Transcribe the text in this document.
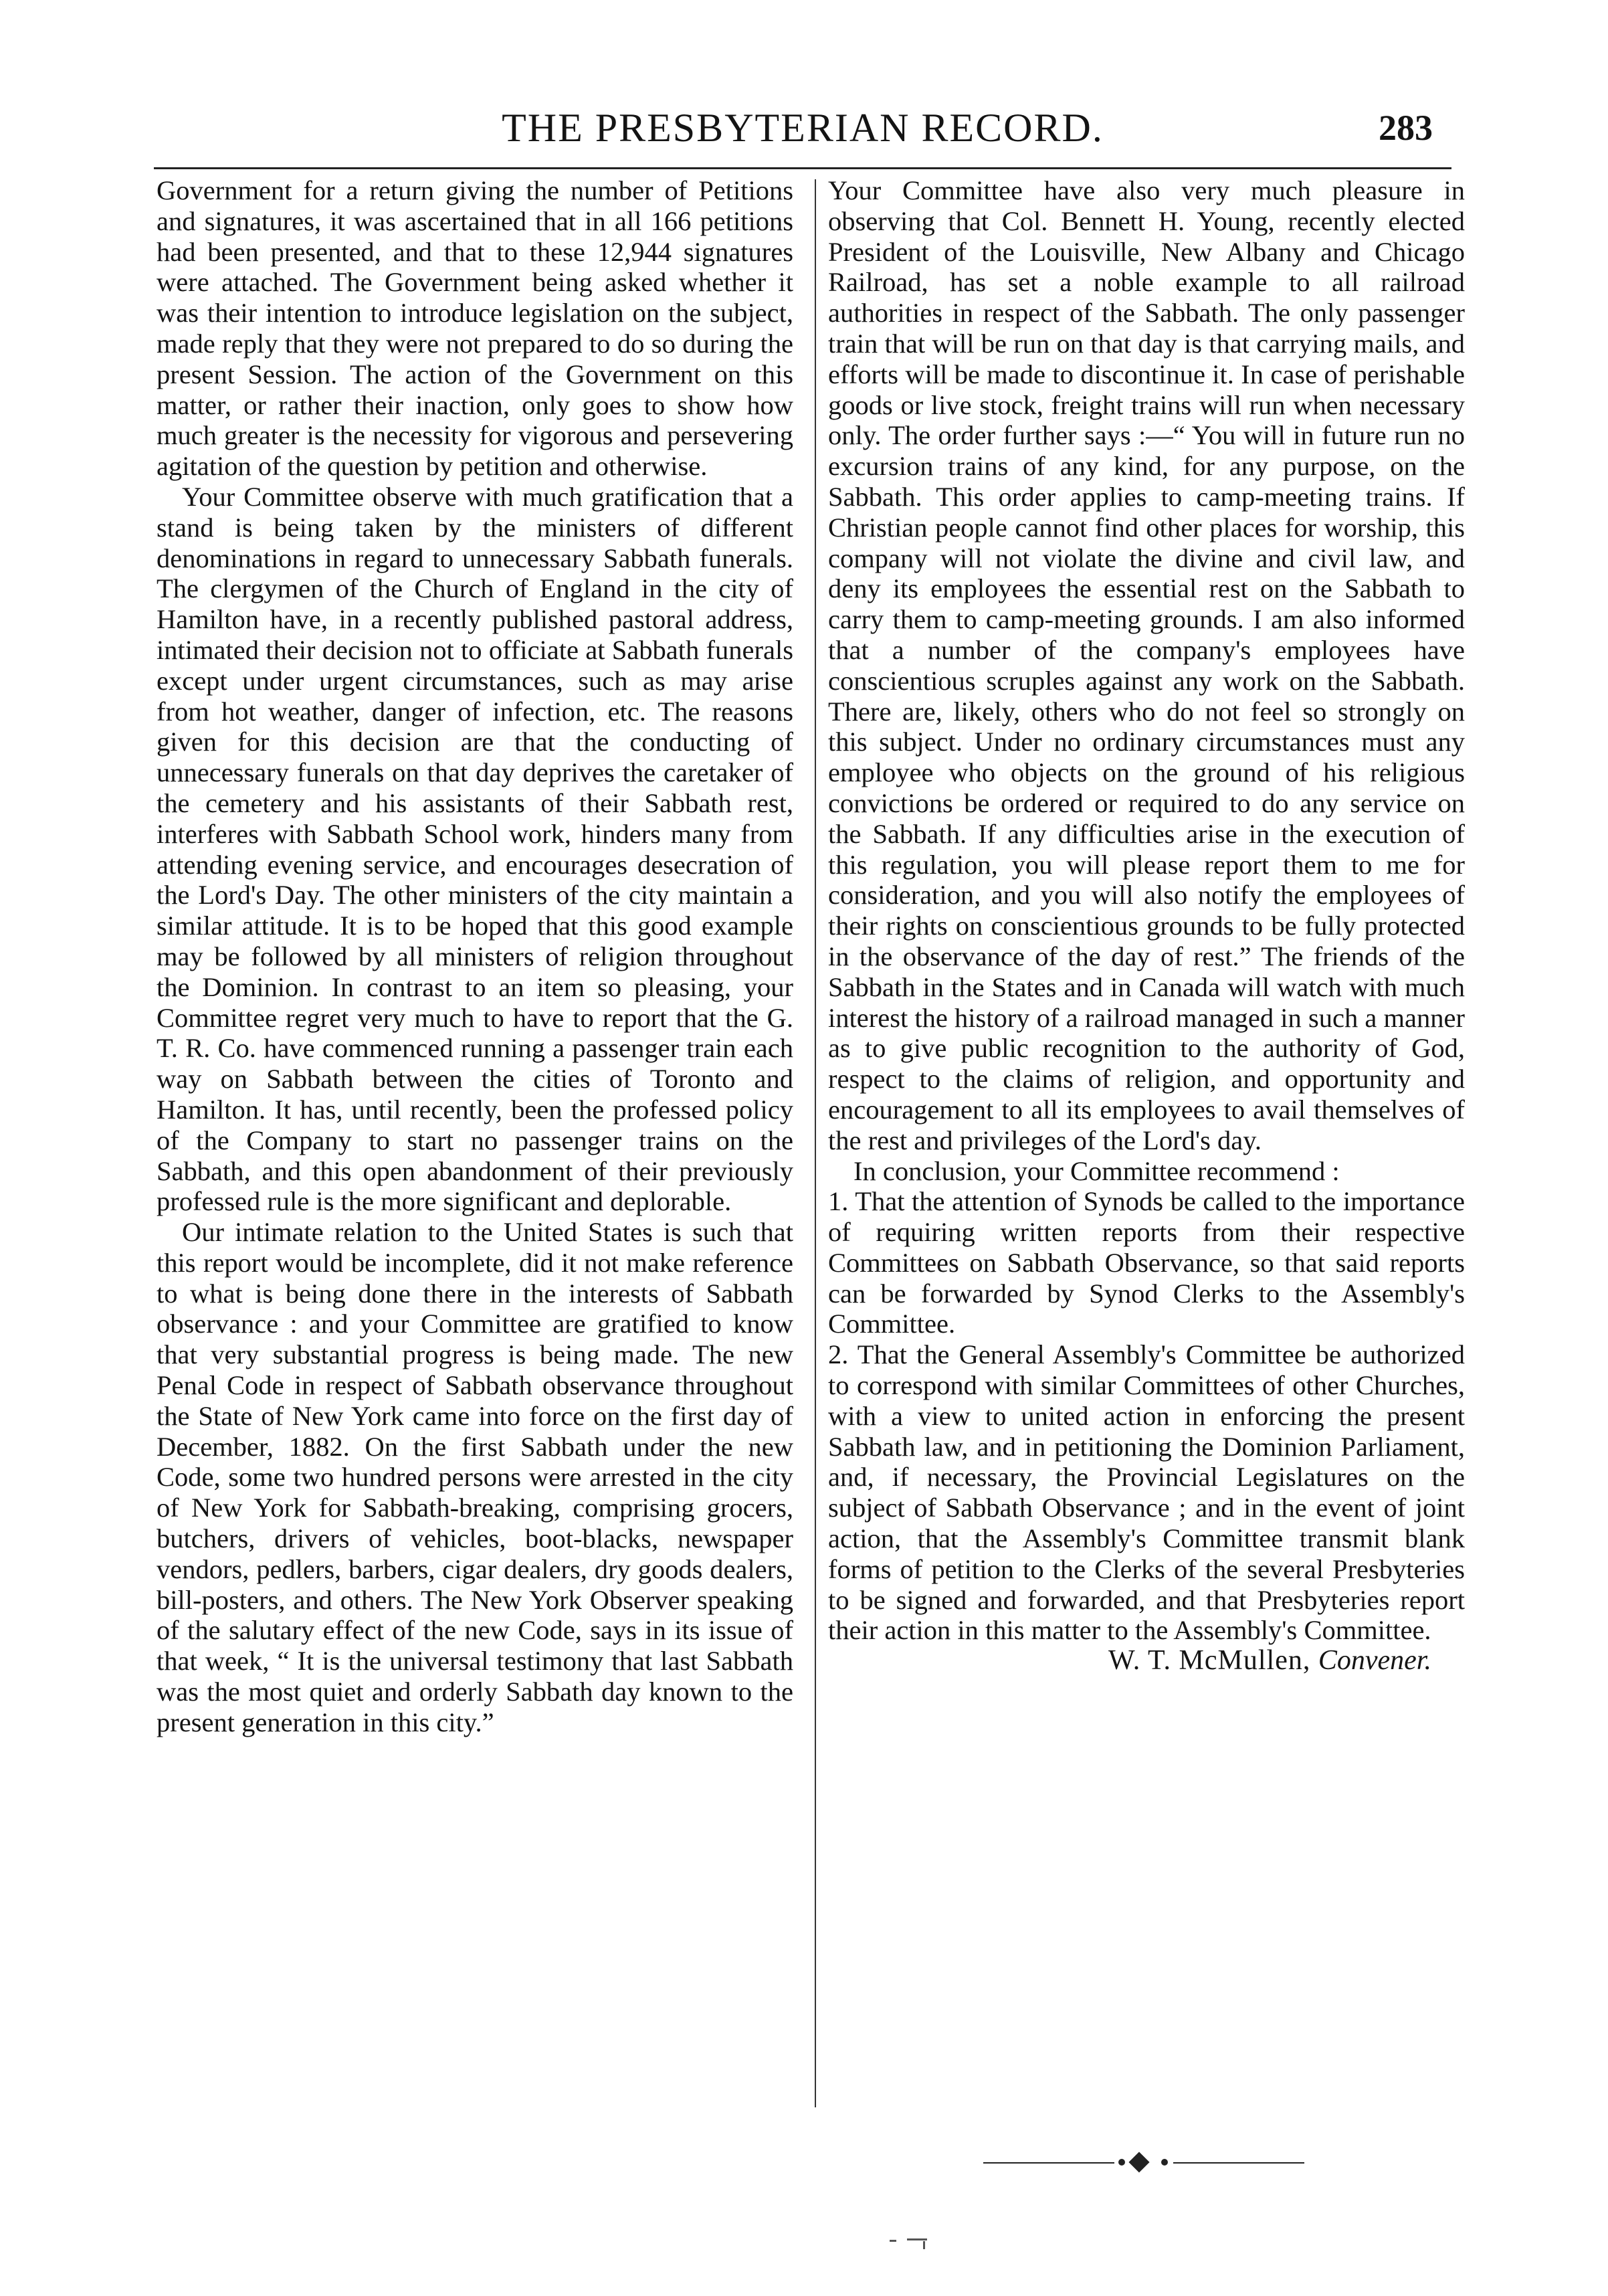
THE PRESBYTERIAN RECORD.	283

Government for a return giving the number of Petitions and signatures, it was ascertained that in all 166 petitions had been presented, and that to these 12,944 signatures were attached. The Government being asked whether it was their intention to introduce legislation on the subject, made reply that they were not prepared to do so during the present Session. The action of the Government on this matter, or rather their inaction, only goes to show how much greater is the necessity for vigorous and persevering agitation of the question by petition and otherwise.

Your Committee observe with much gratification that a stand is being taken by the ministers of different denominations in regard to unnecessary Sabbath funerals. The clergymen of the Church of England in the city of Hamilton have, in a recently published pastoral address, intimated their decision not to officiate at Sabbath funerals except under urgent circumstances, such as may arise from hot weather, danger of infection, etc. The reasons given for this decision are that the conducting of unnecessary funerals on that day deprives the caretaker of the cemetery and his assistants of their Sabbath rest, interferes with Sabbath School work, hinders many from attending evening service, and encourages desecration of the Lord's Day. The other ministers of the city maintain a similar attitude. It is to be hoped that this good example may be followed by all ministers of religion throughout the Dominion. In contrast to an item so pleasing, your Committee regret very much to have to report that the G. T. R. Co. have commenced running a passenger train each way on Sabbath between the cities of Toronto and Hamilton. It has, until recently, been the professed policy of the Company to start no passenger trains on the Sabbath, and this open abandonment of their previously professed rule is the more significant and deplorable.

Our intimate relation to the United States is such that this report would be incomplete, did it not make reference to what is being done there in the interests of Sabbath observance : and your Committee are gratified to know that very substantial progress is being made. The new Penal Code in respect of Sabbath observance throughout the State of New York came into force on the first day of December, 1882. On the first Sabbath under the new Code, some two hundred persons were arrested in the city of New York for Sabbath-breaking, comprising grocers, butchers, drivers of vehicles, boot-blacks, newspaper vendors, pedlers, barbers, cigar dealers, dry goods dealers, bill-posters, and others. The New York Observer speaking of the salutary effect of the new Code, says in its issue of that week, “ It is the universal testimony that last Sabbath was the most quiet and orderly Sabbath day known to the present generation in this city.”

Your Committee have also very much pleasure in observing that Col. Bennett H. Young, recently elected President of the Louisville, New Albany and Chicago Railroad, has set a noble example to all railroad authorities in respect of the Sabbath. The only passenger train that will be run on that day is that carrying mails, and efforts will be made to discontinue it. In case of perishable goods or live stock, freight trains will run when necessary only. The order further says :—“ You will in future run no excursion trains of any kind, for any purpose, on the Sabbath. This order applies to camp-meeting trains. If Christian people cannot find other places for worship, this company will not violate the divine and civil law, and deny its employees the essential rest on the Sabbath to carry them to camp-meeting grounds. I am also informed that a number of the company's employees have conscientious scruples against any work on the Sabbath. There are, likely, others who do not feel so strongly on this subject. Under no ordinary circumstances must any employee who objects on the ground of his religious convictions be ordered or required to do any service on the Sabbath. If any difficulties arise in the execution of this regulation, you will please report them to me for consideration, and you will also notify the employees of their rights on conscientious grounds to be fully protected in the observance of the day of rest.” The friends of the Sabbath in the States and in Canada will watch with much interest the history of a railroad managed in such a manner as to give public recognition to the authority of God, respect to the claims of religion, and opportunity and encouragement to all its employees to avail themselves of the rest and privileges of the Lord's day.

In conclusion, your Committee recommend :

1. That the attention of Synods be called to the importance of requiring written reports from their respective Committees on Sabbath Observance, so that said reports can be forwarded by Synod Clerks to the Assembly's Committee.

2. That the General Assembly's Committee be authorized to correspond with similar Committees of other Churches, with a view to united action in enforcing the present Sabbath law, and in petitioning the Dominion Parliament, and, if necessary, the Provincial Legislatures on the subject of Sabbath Observance ; and in the event of joint action, that the Assembly's Committee transmit blank forms of petition to the Clerks of the several Presbyteries to be signed and forwarded, and that Presbyteries report their action in this matter to the Assembly's Committee.

W. T. McMullen, Convener.
